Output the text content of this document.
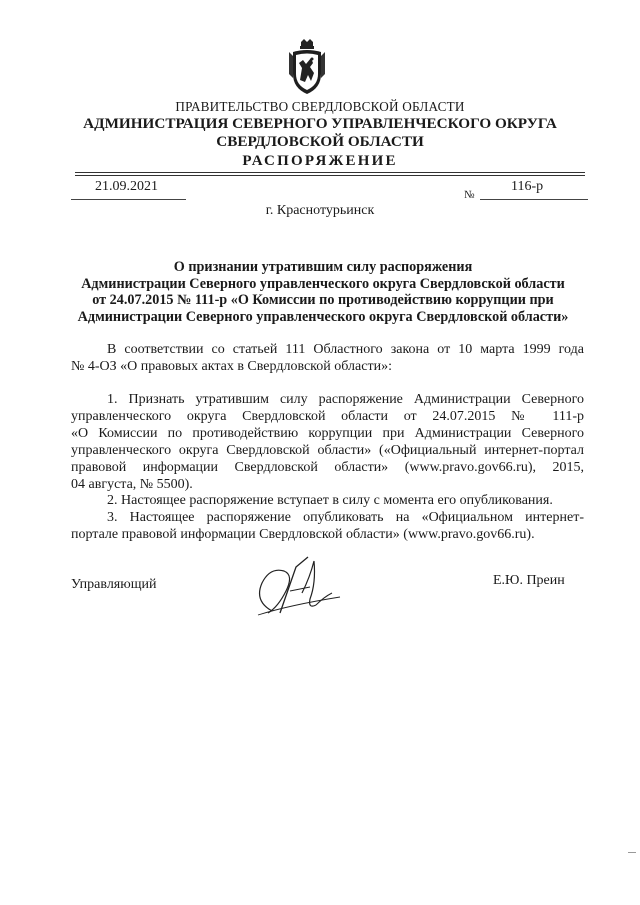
ПРАВИТЕЛЬСТВО СВЕРДЛОВСКОЙ ОБЛАСТИ
АДМИНИСТРАЦИЯ СЕВЕРНОГО УПРАВЛЕНЧЕСКОГО ОКРУГА
СВЕРДЛОВСКОЙ ОБЛАСТИ
РАСПОРЯЖЕНИЕ
21.09.2021
№
116-р
г. Краснотурьинск
О признании утратившим силу распоряжения
Администрации Северного управленческого округа Свердловской области
от 24.07.2015 № 111-р «О Комиссии по противодействию коррупции при
Администрации Северного управленческого округа Свердловской области»
В соответствии со статьей 111 Областного закона от 10 марта 1999 года
№ 4-ОЗ «О правовых актах в Свердловской области»:
1. Признать утратившим силу распоряжение Администрации Северного
управленческого округа Свердловской области от 24.07.2015 № 111-р
«О Комиссии по противодействию коррупции при Администрации Северного
управленческого округа Свердловской области» («Официальный интернет-портал
правовой информации Свердловской области» (www.pravo.gov66.ru), 2015,
04 августа, № 5500).
2. Настоящее распоряжение вступает в силу с момента его опубликования.
3. Настоящее распоряжение опубликовать на «Официальном интернет-
портале правовой информации Свердловской области» (www.pravo.gov66.ru).
Управляющий	Е.Ю. Преин
